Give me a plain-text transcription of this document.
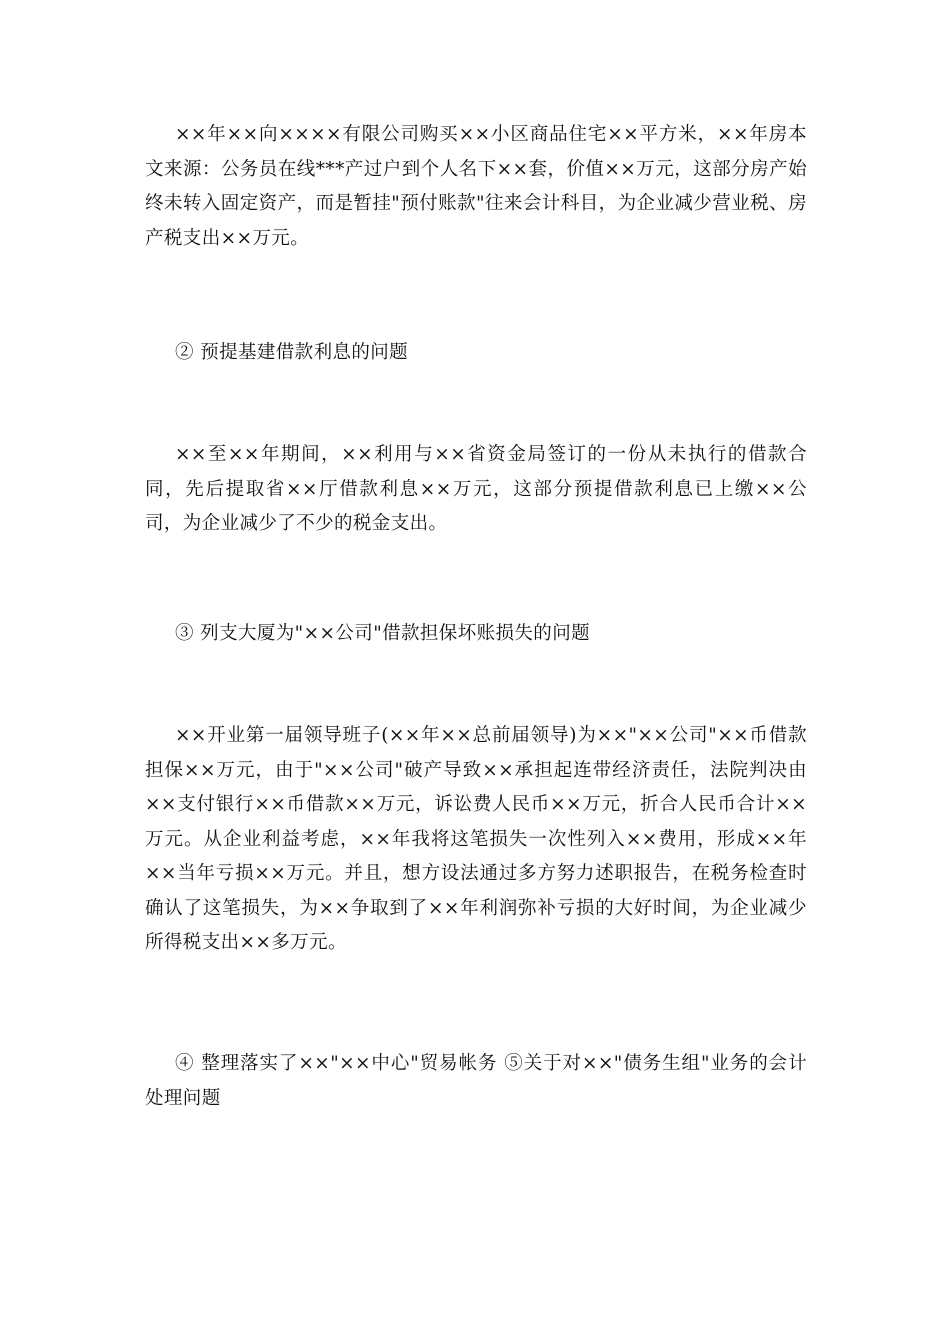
××年××向××××有限公司购买××小区商品住宅××平方米，××年房本文来源：公务员在线***产过户到个人名下××套，价值××万元，这部分房产始终未转入固定资产，而是暂挂"预付账款"往来会计科目，为企业减少营业税、房产税支出××万元。

② 预提基建借款利息的问题

××至××年期间，××利用与××省资金局签订的一份从未执行的借款合同，先后提取省××厅借款利息××万元，这部分预提借款利息已上缴××公司，为企业减少了不少的税金支出。

③ 列支大厦为"××公司"借款担保坏账损失的问题

××开业第一届领导班子(××年××总前届领导)为××"××公司"××币借款担保××万元，由于"××公司"破产导致××承担起连带经济责任，法院判决由××支付银行××币借款××万元，诉讼费人民币××万元，折合人民币合计××万元。从企业利益考虑，××年我将这笔损失一次性列入××费用，形成××年××当年亏损××万元。并且，想方设法通过多方努力述职报告，在税务检查时确认了这笔损失，为××争取到了××年利润弥补亏损的大好时间，为企业减少所得税支出××多万元。

④ 整理落实了××"××中心"贸易帐务 ⑤关于对××"债务生组"业务的会计处理问题
